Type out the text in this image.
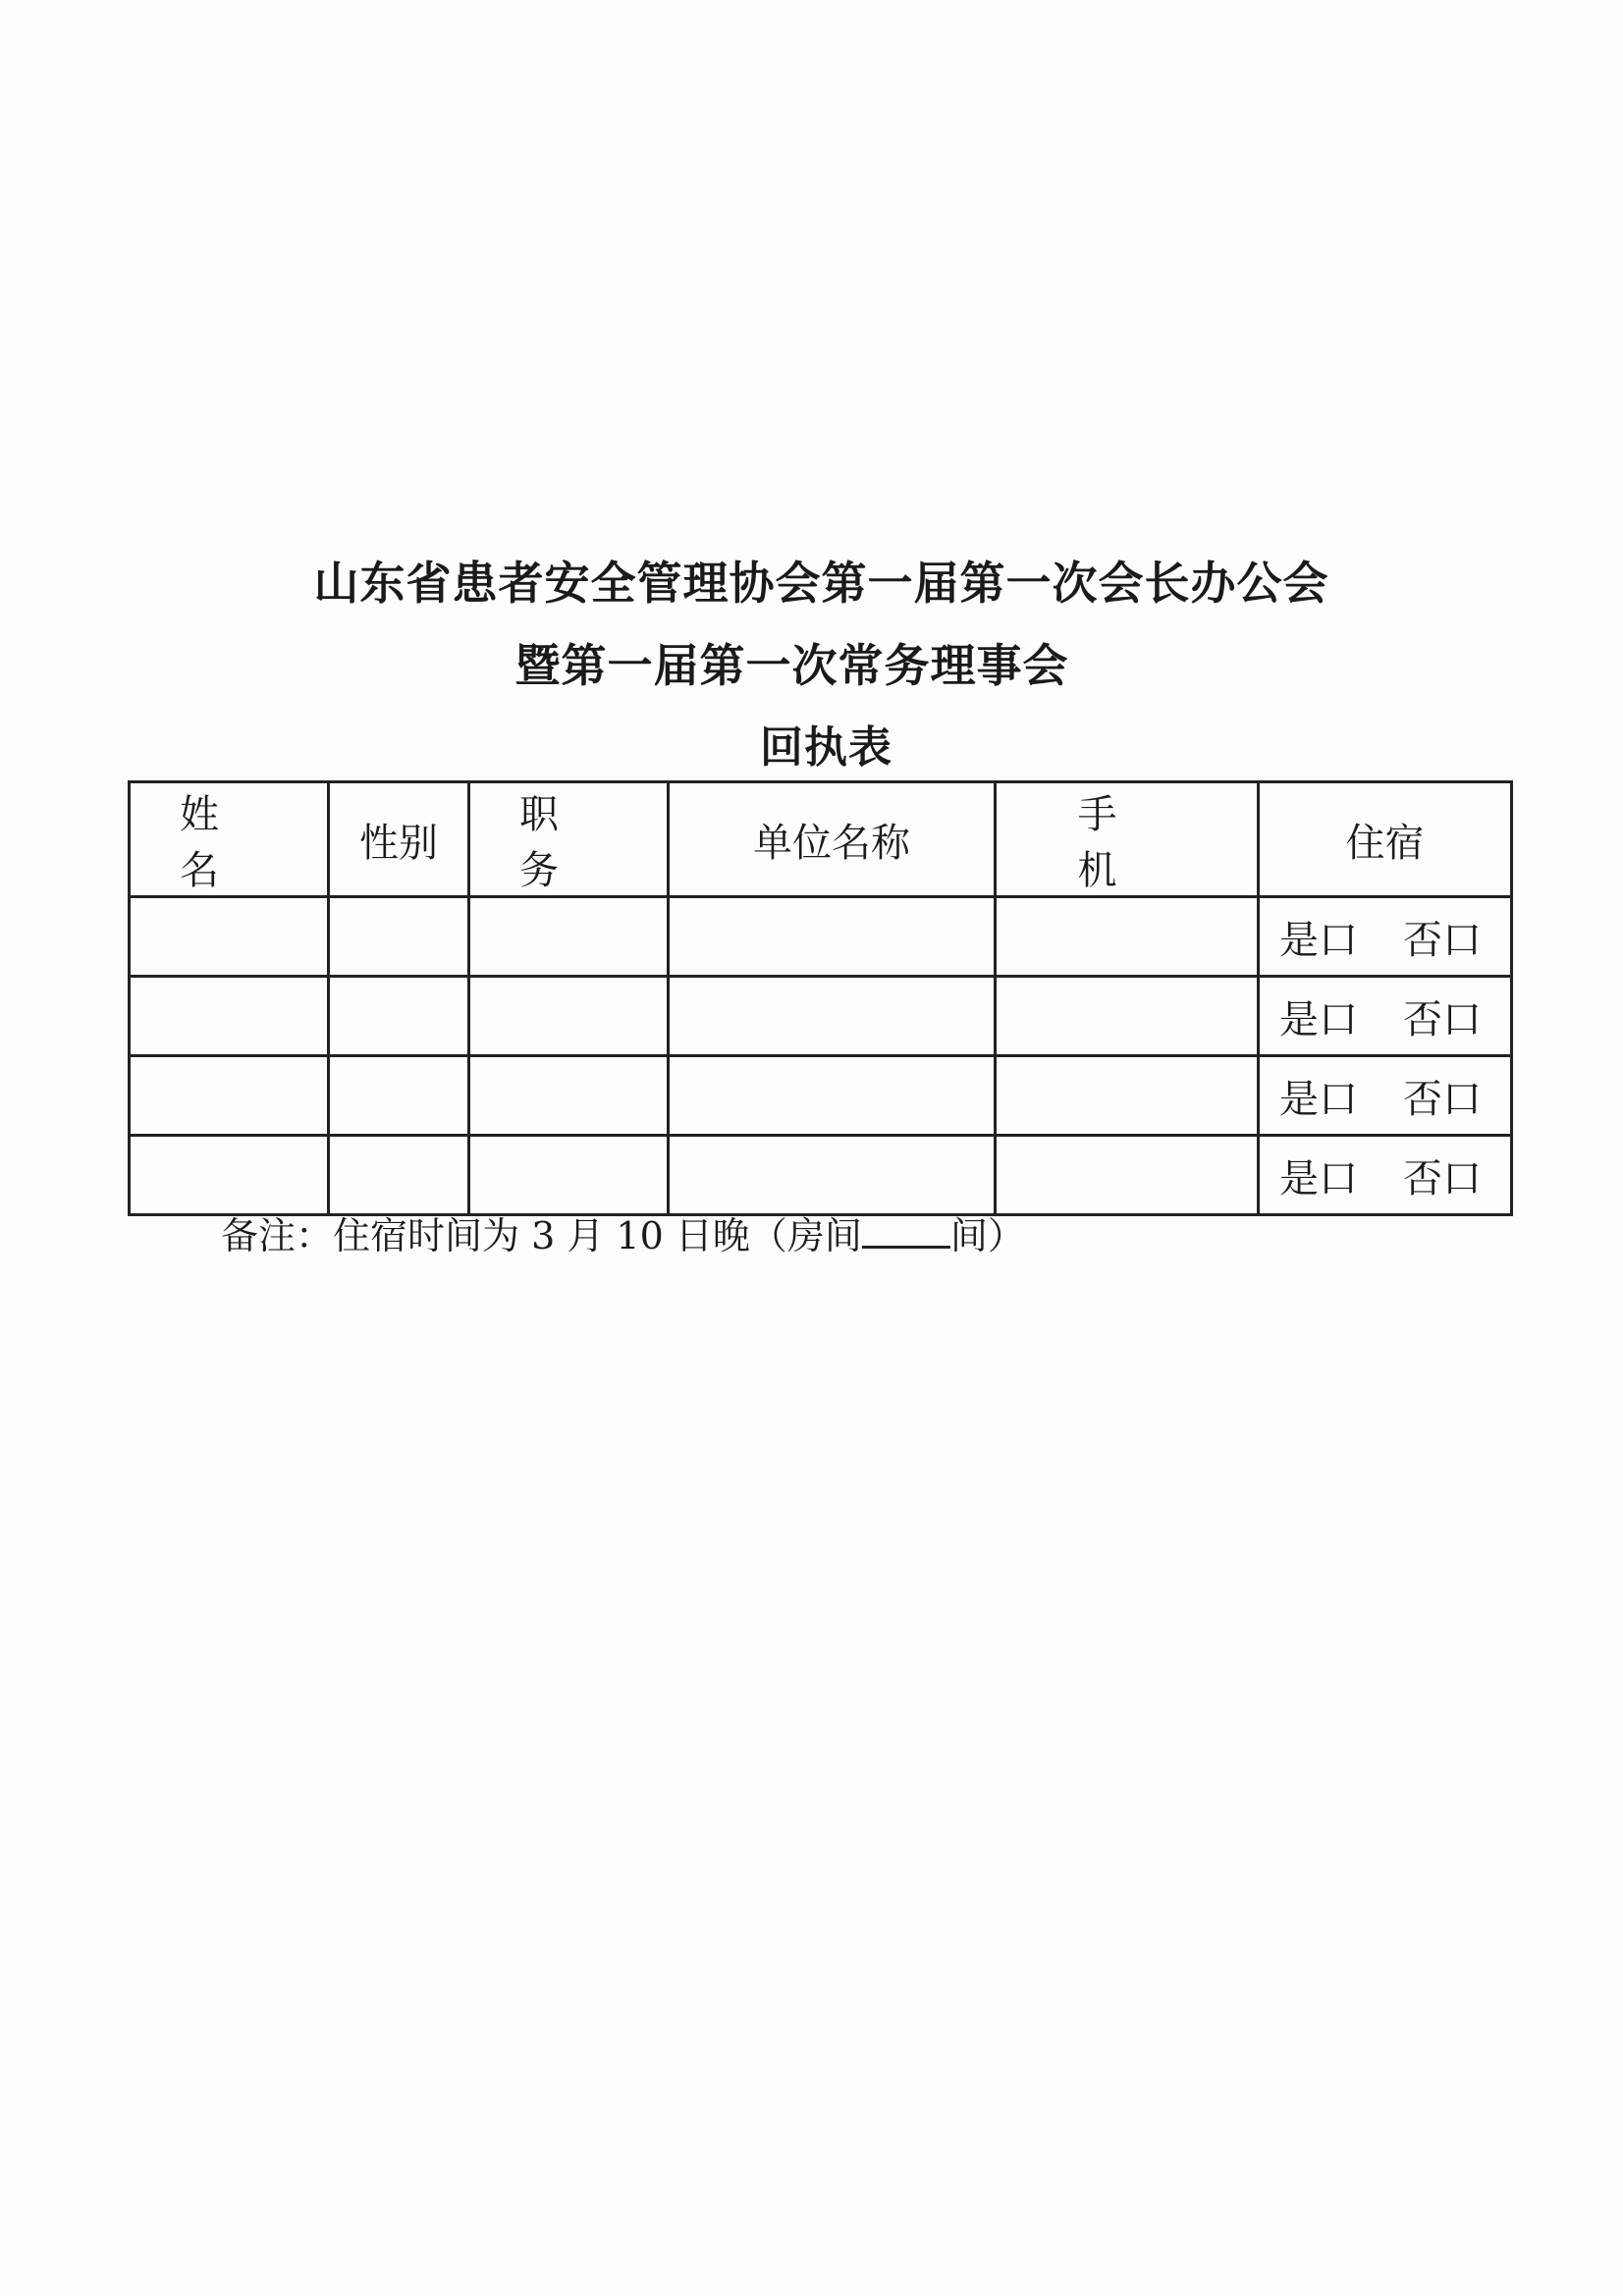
山东省患者安全管理协会第一届第一次会长办公会

暨第一届第一次常务理事会

回执表

姓 名	性别	职 务	单位名称	手 机	住宿
					是口 否口
					是口 否口
					是口 否口
					是口 否口
备注：住宿时间为 3 月 10 日晚（房间 间）
